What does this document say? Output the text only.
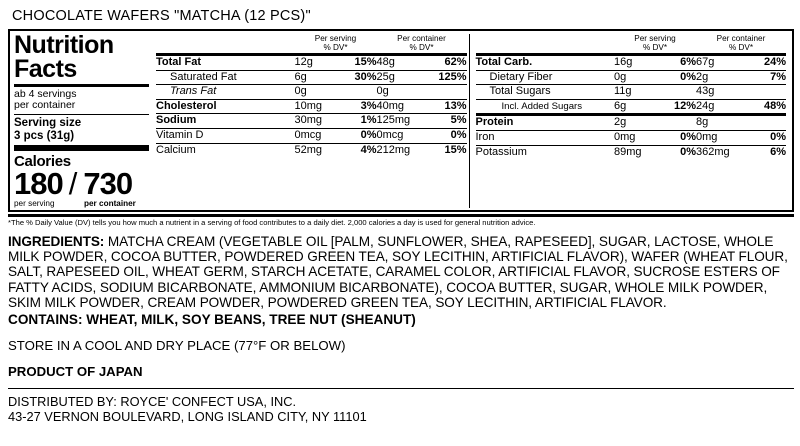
CHOCOLATE WAFERS "MATCHA (12 PCS)"
Nutrition
Facts
ab 4 servings
per container
Serving size
3 pcs (31g)
Calories
180 / 730
per serving	per container

Per serving
% DV*

Per container
% DV*

Total Fat	12g	15%	48g	62%
Saturated Fat	6g	30%	25g	125%
Trans Fat	0g		0g	
Cholesterol	10mg	3%	40mg	13%
Sodium	30mg	1%	125mg	5%
Vitamin D	0mcg	0%	0mcg	0%
Calcium	52mg	4%	212mg	15%

Per serving
% DV*

Per container
% DV*

Total Carb.	16g	6%	67g	24%
Dietary Fiber	0g	0%	2g	7%
Total Sugars	11g		43g	
Incl. Added Sugars	6g	12%	24g	48%
Protein	2g		8g	
Iron	0mg	0%	0mg	0%
Potassium	89mg	0%	362mg	6%
*The % Daily Value (DV) tells you how much a nutrient in a serving of food contributes to a daily diet. 2,000 calories a day is used for general nutrition advice.
INGREDIENTS: MATCHA CREAM (VEGETABLE OIL [PALM, SUNFLOWER, SHEA, RAPESEED], SUGAR, LACTOSE, WHOLE MILK POWDER, COCOA BUTTER, POWDERED GREEN TEA, SOY LECITHIN, ARTIFICIAL FLAVOR), WAFER (WHEAT FLOUR, SALT, RAPESEED OIL, WHEAT GERM, STARCH ACETATE, CARAMEL COLOR, ARTIFICIAL FLAVOR, SUCROSE ESTERS OF FATTY ACIDS, SODIUM BICARBONATE, AMMONIUM BICARBONATE), COCOA BUTTER, SUGAR, WHOLE MILK POWDER, SKIM MILK POWDER, CREAM POWDER, POWDERED GREEN TEA, SOY LECITHIN, ARTIFICIAL FLAVOR.
CONTAINS: WHEAT, MILK, SOY BEANS, TREE NUT (SHEANUT)
STORE IN A COOL AND DRY PLACE (77°F OR BELOW)
PRODUCT OF JAPAN
DISTRIBUTED BY: ROYCE' CONFECT USA, INC.
43-27 VERNON BOULEVARD, LONG ISLAND CITY, NY 11101
